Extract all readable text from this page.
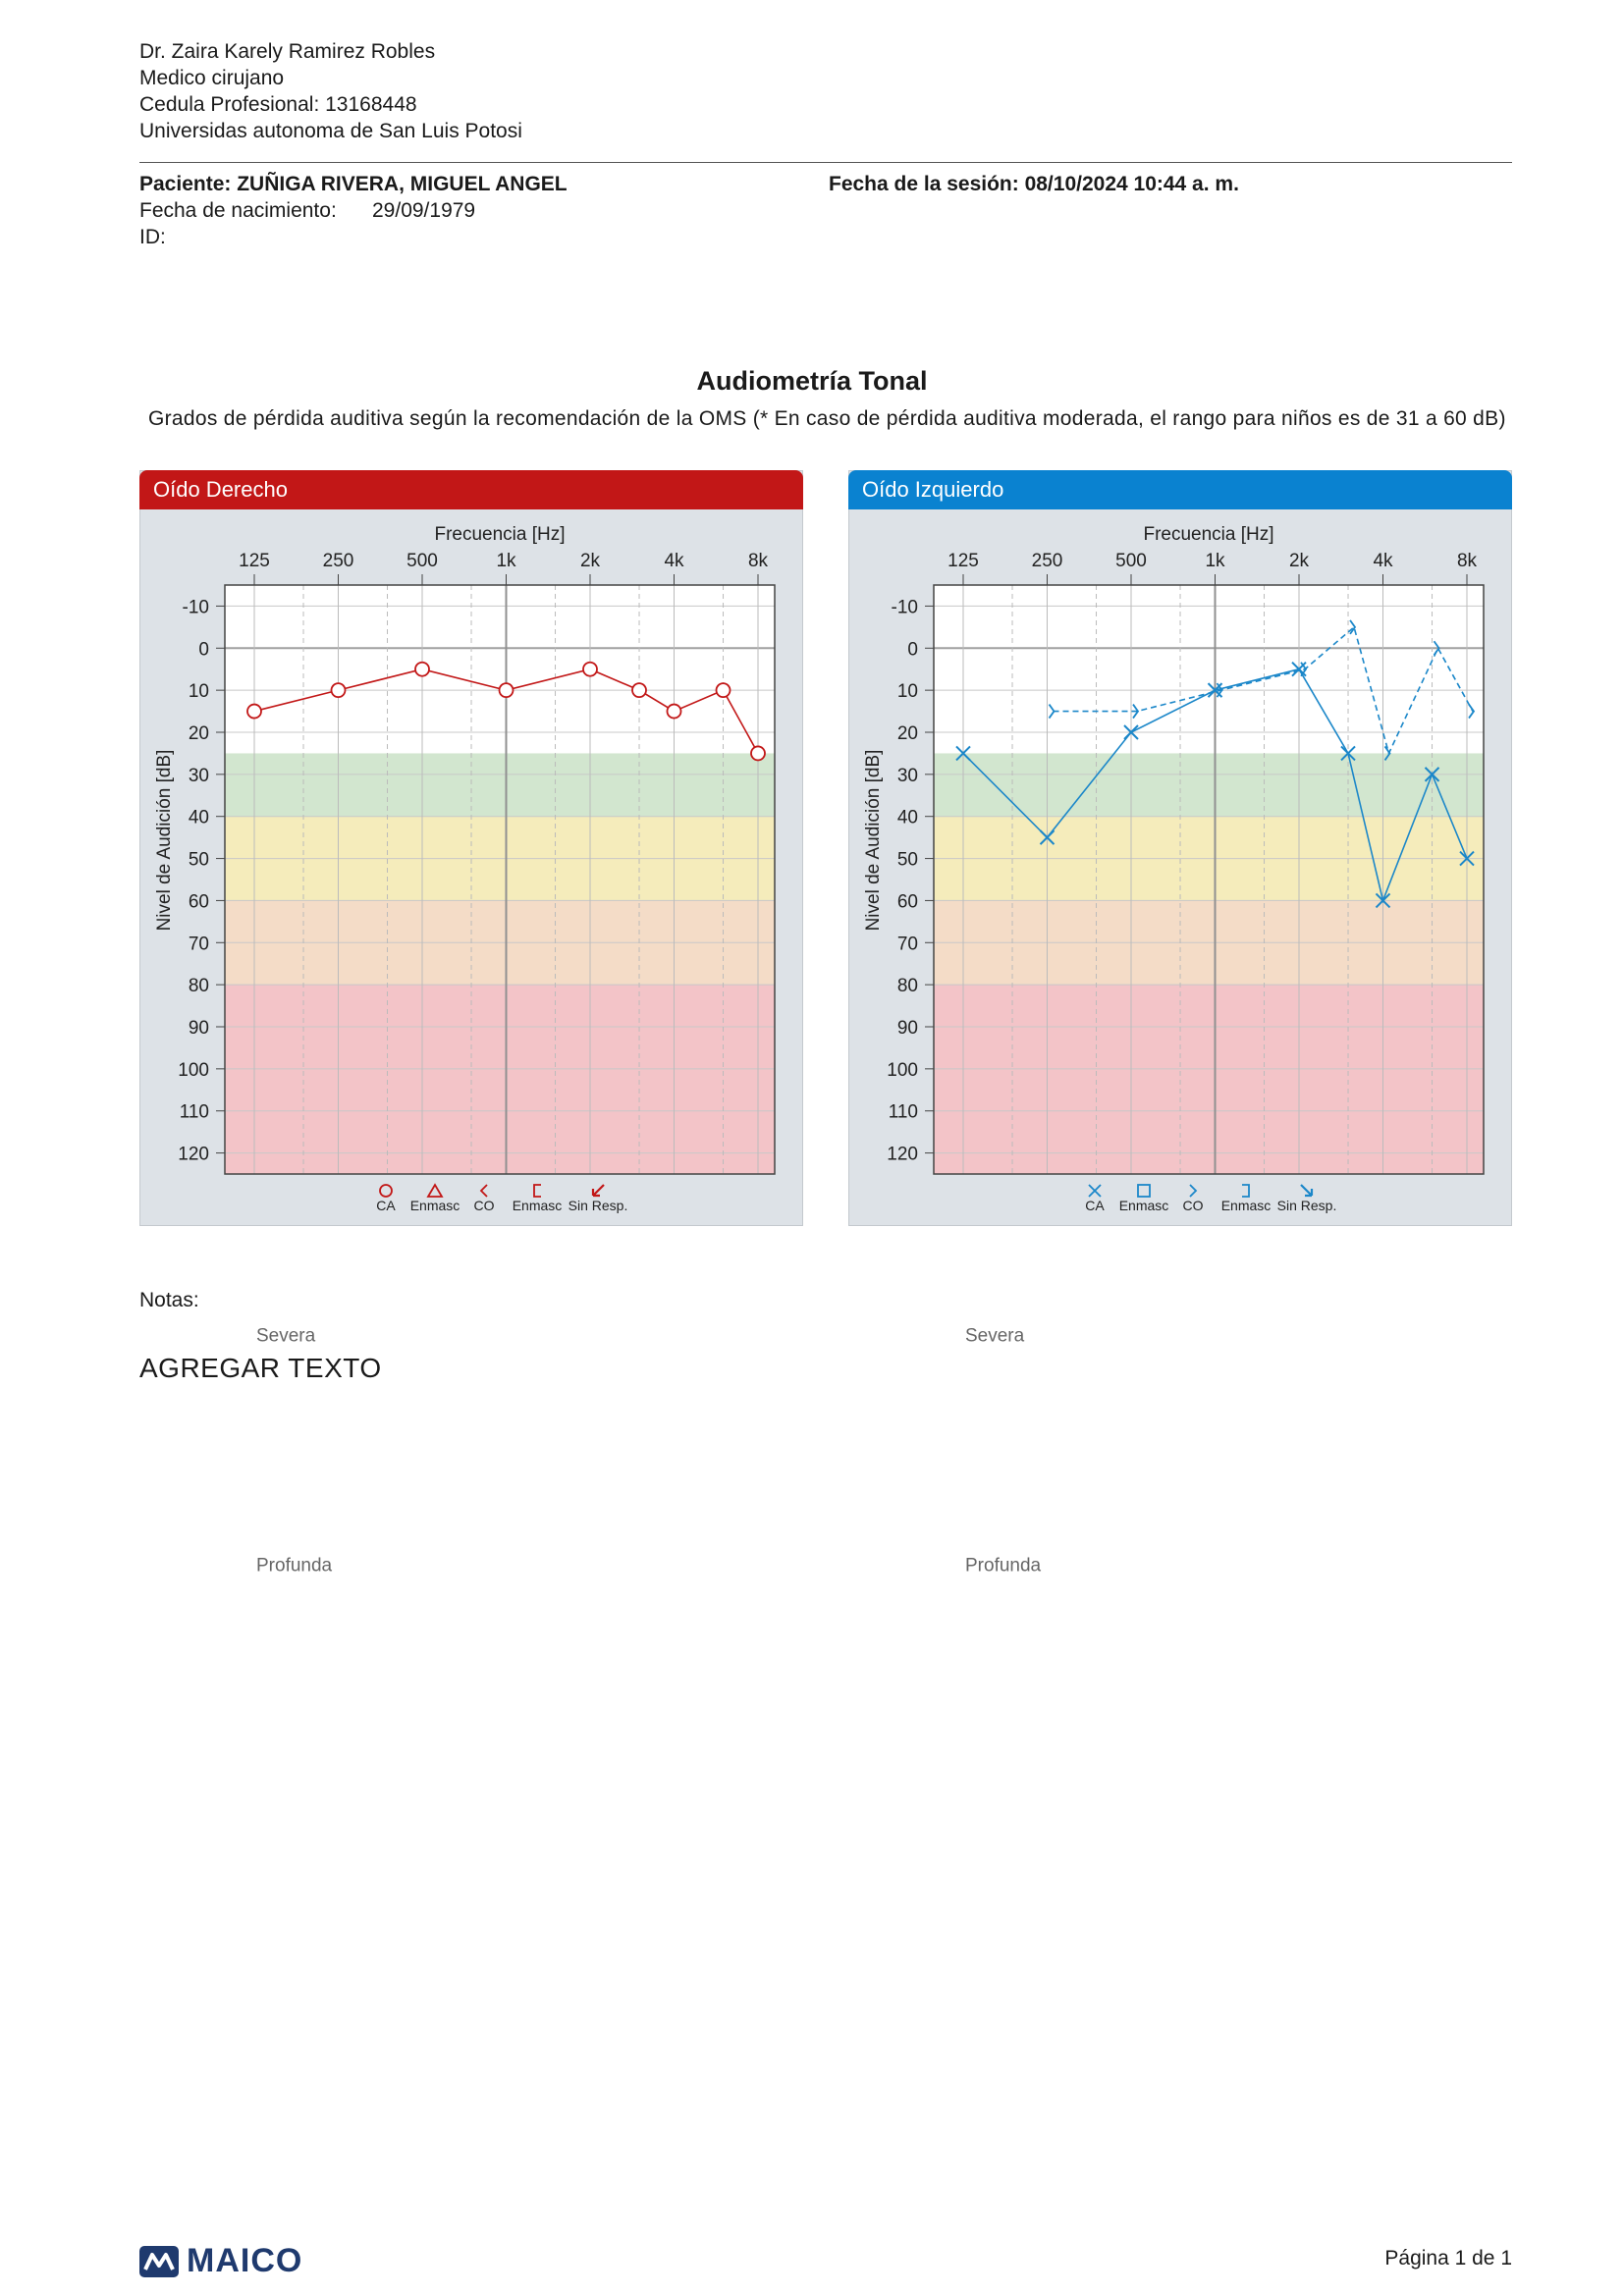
Dr. Zaira Karely Ramirez Robles
Medico cirujano
Cedula Profesional: 13168448
Universidas autonoma de San Luis Potosi
Paciente: ZUÑIGA RIVERA, MIGUEL ANGEL	Fecha de la sesión: 08/10/2024 10:44 a. m.
Fecha de nacimiento: 29/09/1979
ID:
Audiometría Tonal
Grados de pérdida auditiva según la recomendación de la OMS (* En caso de pérdida auditiva moderada, el rango para niños es de 31 a 60 dB)
Oído Derecho
Severa
Profunda
Frecuencia [Hz]
125	250	500	1k	2k	4k	8k
Nivel de Audición [dB]
-10
0
10
20
30
40
50
60
70
80
90
100
110
120
CA Enmasc CO Enmasc Sin Resp.
Oído Izquierdo
Severa
Profunda
Frecuencia [Hz]
125	250	500	1k	2k	4k	8k
Nivel de Audición [dB]
-10
0
10
20
30
40
50
60
70
80
90
100
110
120
CA Enmasc CO Enmasc Sin Resp.
Notas:
AGREGAR TEXTO
MAICO	Página 1 de 1
